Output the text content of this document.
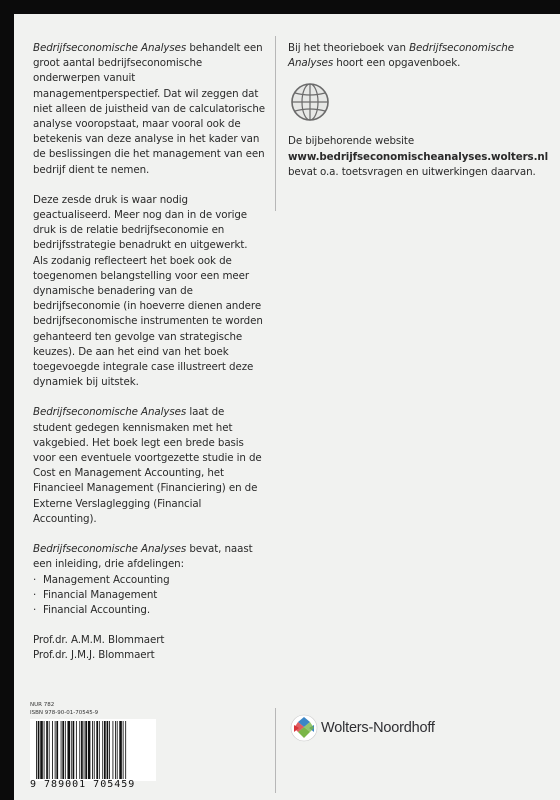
Bedrijfseconomische Analyses behandelt een groot aantal bedrijfseconomische onderwerpen vanuit managementperspectief. Dat wil zeggen dat niet alleen de juistheid van de calculatorische analyse vooropstaat, maar vooral ook de betekenis van deze analyse in het kader van de beslissingen die het management van een bedrijf dient te nemen.

Deze zesde druk is waar nodig geactualiseerd. Meer nog dan in de vorige druk is de relatie bedrijfseconomie en bedrijfsstrategie benadrukt en uitgewerkt. Als zodanig reflecteert het boek ook de toegenomen belangstelling voor een meer dynamische benadering van de bedrijfseconomie (in hoeverre dienen andere bedrijfseconomische instrumenten te worden gehanteerd ten gevolge van strategische keuzes). De aan het eind van het boek toegevoegde integrale case illustreert deze dynamiek bij uitstek.

Bedrijfseconomische Analyses laat de student gedegen kennismaken met het vakgebied. Het boek legt een brede basis voor een eventuele voortgezette studie in de Cost en Management Accounting, het Financieel Management (Financiering) en de Externe Verslaglegging (Financial Accounting).

Bedrijfseconomische Analyses bevat, naast een inleiding, drie afdelingen:

· Management Accounting
· Financial Management
· Financial Accounting.

Prof.dr. A.M.M. Blommaert

Prof.dr. J.M.J. Blommaert

Bij het theorieboek van Bedrijfseconomische Analyses hoort een opgavenboek.

De bijbehorende website

www.bedrijfseconomischeanalyses.wolters.nl

bevat o.a. toetsvragen en uitwerkingen daarvan.

NUR 782
ISBN 978-90-01-70545-9
9 789001 705459
Wolters-Noordhoff
